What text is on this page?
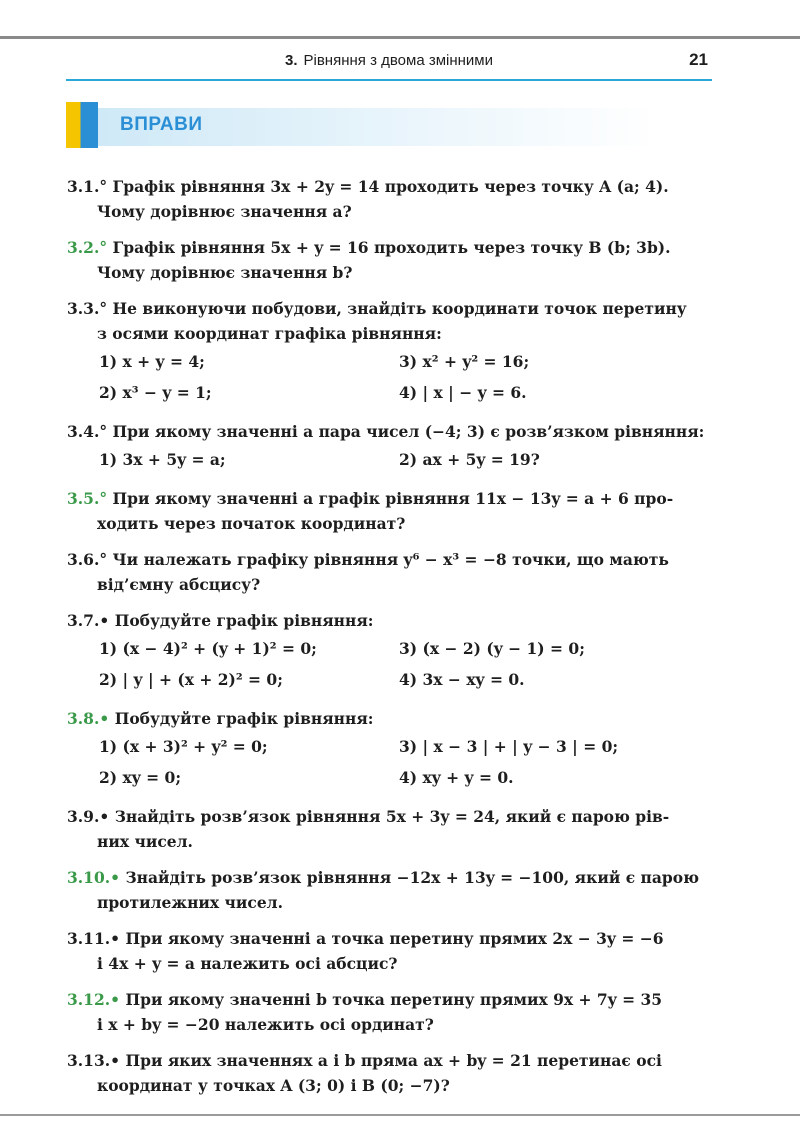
3. Рівняння з двома змінними	21
ВПРАВИ
3.1.° Графік рівняння 3x + 2y = 14 проходить через точку A (a; 4).
Чому дорівнює значення a?
3.2.° Графік рівняння 5x + y = 16 проходить через точку B (b; 3b).
Чому дорівнює значення b?
3.3.° Не виконуючи побудови, знайдіть координати точок перетину
з осями координат графіка рівняння:
1) x + y = 4;	3) x² + y² = 16;
2) x³ − y = 1;	4) | x | − y = 6.
3.4.° При якому значенні a пара чисел (−4; 3) є розв’язком рівняння:
1) 3x + 5y = a;	2) ax + 5y = 19?
3.5.° При якому значенні a графік рівняння 11x − 13y = a + 6 про-
ходить через початок координат?
3.6.° Чи належать графіку рівняння y⁶ − x³ = −8 точки, що мають
від’ємну абсцису?
3.7.• Побудуйте графік рівняння:
1) (x − 4)² + (y + 1)² = 0;	3) (x − 2) (y − 1) = 0;
2) | y | + (x + 2)² = 0;	4) 3x − xy = 0.
3.8.• Побудуйте графік рівняння:
1) (x + 3)² + y² = 0;	3) | x − 3 | + | y − 3 | = 0;
2) xy = 0;	4) xy + y = 0.
3.9.• Знайдіть розв’язок рівняння 5x + 3y = 24, який є парою рів-
них чисел.
3.10.• Знайдіть розв’язок рівняння −12x + 13y = −100, який є парою
протилежних чисел.
3.11.• При якому значенні a точка перетину прямих 2x − 3y = −6
і 4x + y = a належить осі абсцис?
3.12.• При якому значенні b точка перетину прямих 9x + 7y = 35
і x + by = −20 належить осі ординат?
3.13.• При яких значеннях a і b пряма ax + by = 21 перетинає осі
координат у точках A (3; 0) і B (0; −7)?
